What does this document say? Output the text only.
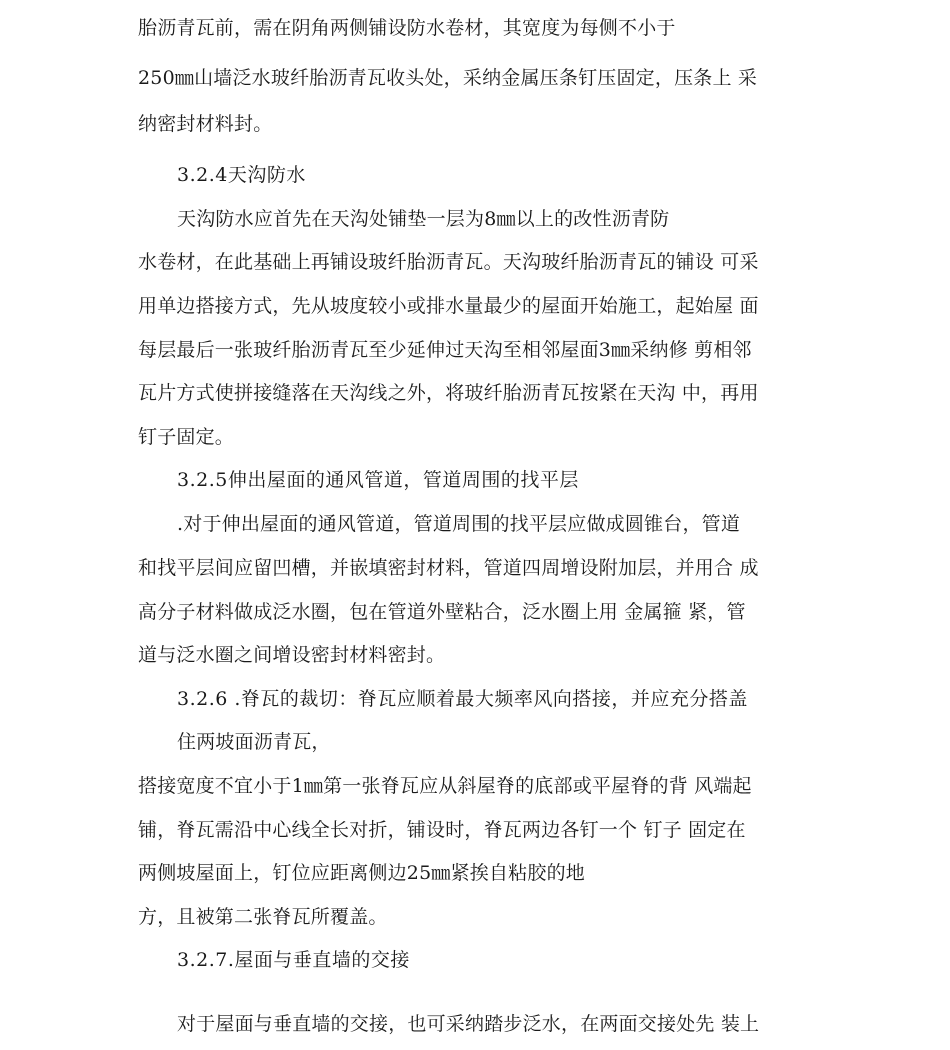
胎沥青瓦前，需在阴角两侧铺设防水卷材，其宽度为每侧不小于
250㎜山墙泛水玻纤胎沥青瓦收头处，采纳金属压条钉压固定，压条上 采
纳密封材料封。
3.2.4天沟防水
天沟防水应首先在天沟处铺垫一层为8㎜以上的改性沥青防
水卷材，在此基础上再铺设玻纤胎沥青瓦。天沟玻纤胎沥青瓦的铺设 可采
用单边搭接方式，先从坡度较小或排水量最少的屋面开始施工，起始屋 面
每层最后一张玻纤胎沥青瓦至少延伸过天沟至相邻屋面3㎜采纳修 剪相邻
瓦片方式使拼接缝落在天沟线之外，将玻纤胎沥青瓦按紧在天沟 中，再用
钉子固定。
3.2.5伸出屋面的通风管道，管道周围的找平层
.对于伸出屋面的通风管道，管道周围的找平层应做成圆锥台，管道
和找平层间应留凹槽，并嵌填密封材料，管道四周增设附加层，并用合 成
高分子材料做成泛水圈，包在管道外壁粘合，泛水圈上用 金属箍 紧，管
道与泛水圈之间增设密封材料密封。
3.2.6 .脊瓦的裁切：脊瓦应顺着最大频率风向搭接，并应充分搭盖
住两坡面沥青瓦，
搭接宽度不宜小于1㎜第一张脊瓦应从斜屋脊的底部或平屋脊的背 风端起
铺，脊瓦需沿中心线全长对折，铺设时，脊瓦两边各钉一个 钉子 固定在
两侧坡屋面上，钉位应距离侧边25㎜紧挨自粘胶的地
方，且被第二张脊瓦所覆盖。
3.2.7.屋面与垂直墙的交接
对于屋面与垂直墙的交接，也可采纳踏步泛水，在两面交接处先 装上
